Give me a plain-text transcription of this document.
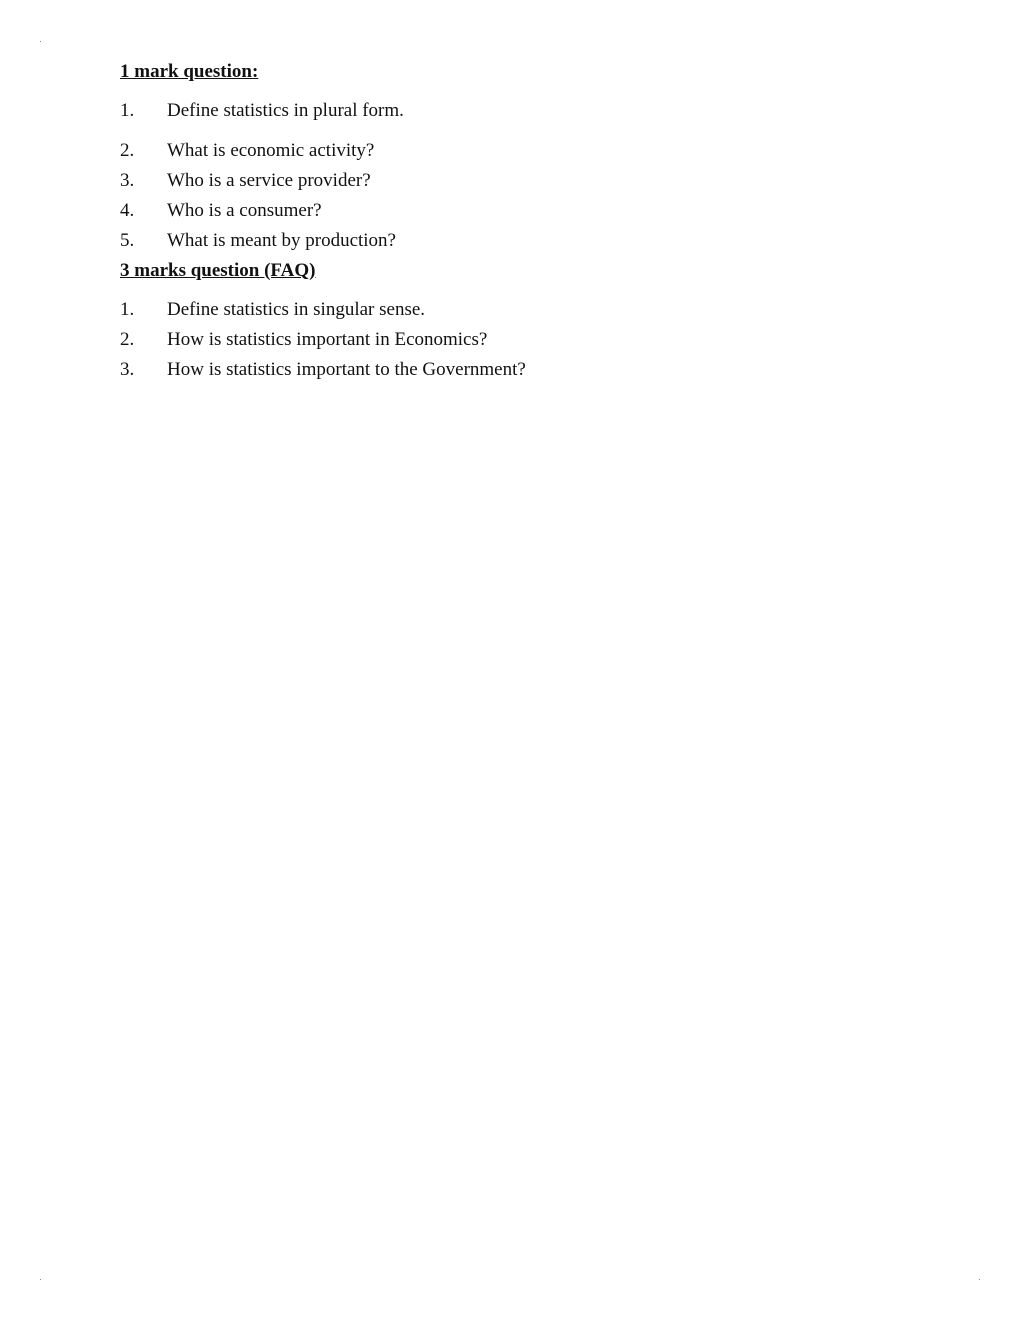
1 mark question:
1. Define statistics in plural form.
2. What is economic activity?
3. Who is a service provider?
4. Who is a consumer?
5. What is meant by production?
3 marks question (FAQ)
1. Define statistics in singular sense.
2. How is statistics important in Economics?
3. How is statistics important to the Government?
